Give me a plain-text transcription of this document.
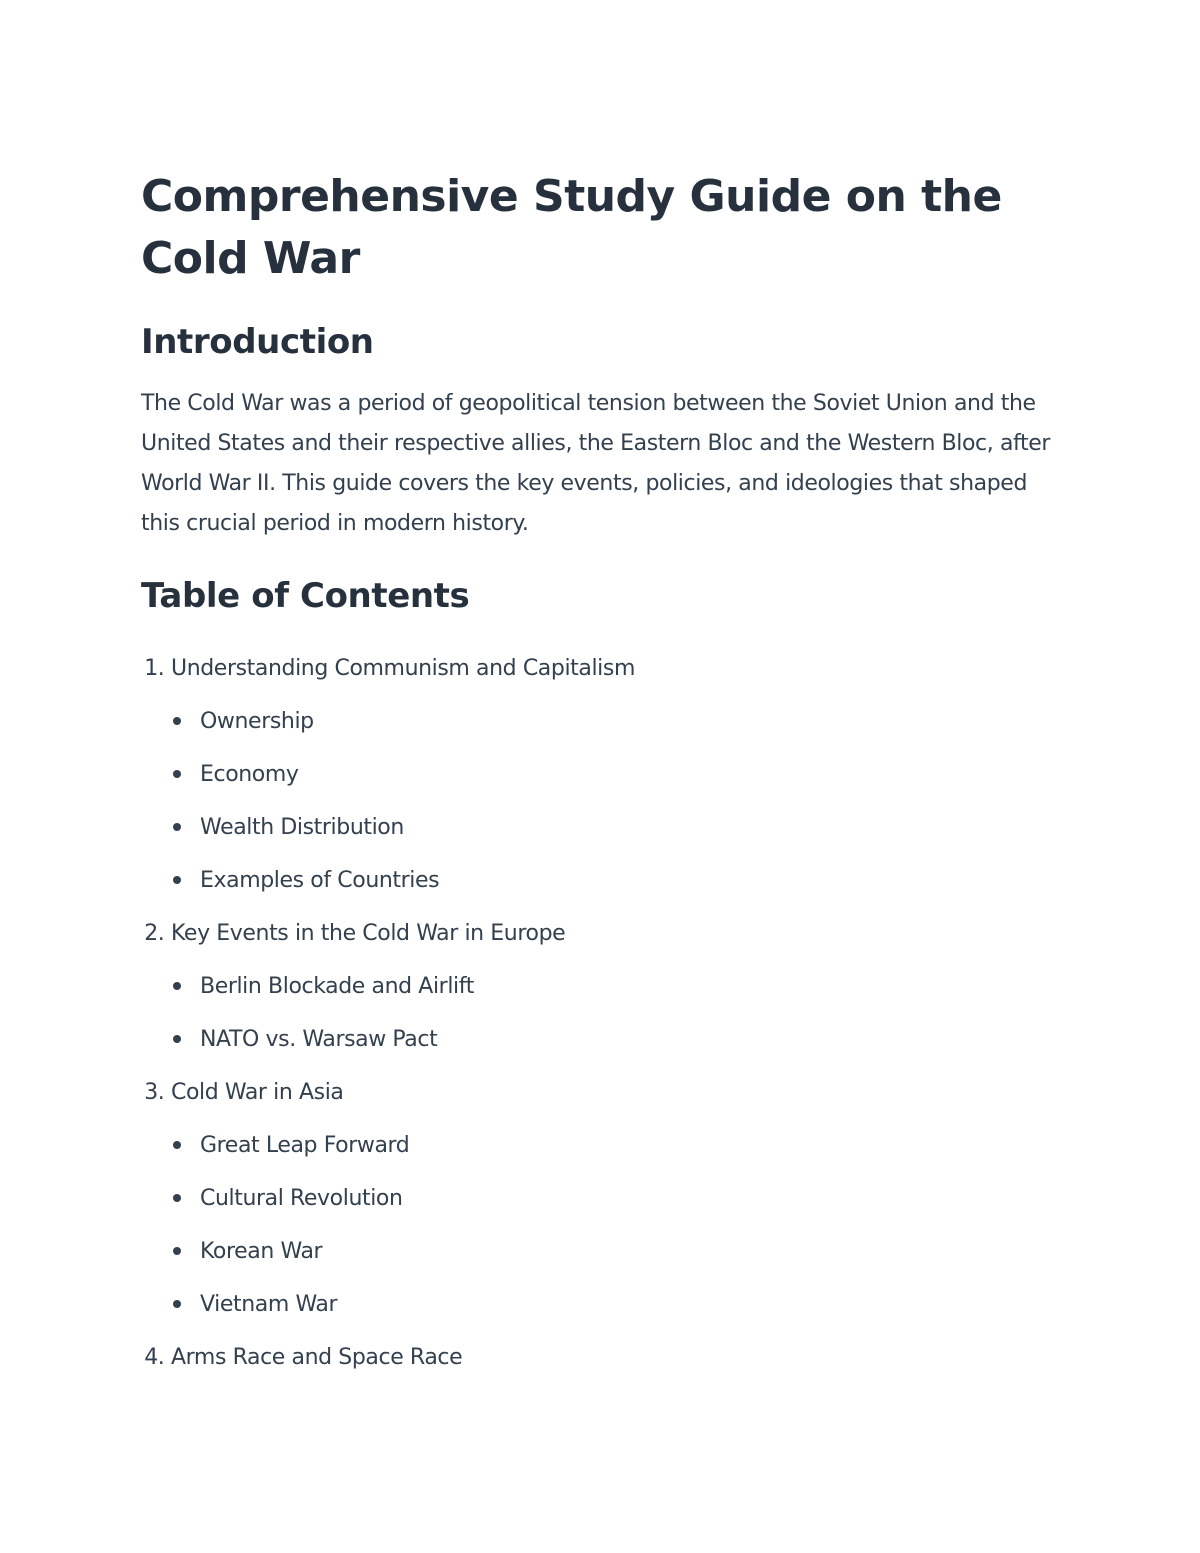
Comprehensive Study Guide on the Cold War
Introduction

The Cold War was a period of geopolitical tension between the Soviet Union and the United States and their respective allies, the Eastern Bloc and the Western Bloc, after World War II. This guide covers the key events, policies, and ideologies that shaped this crucial period in modern history.

Table of Contents
1. Understanding Communism and Capitalism
Ownership
Economy
Wealth Distribution
Examples of Countries
2. Key Events in the Cold War in Europe
Berlin Blockade and Airlift
NATO vs. Warsaw Pact
3. Cold War in Asia
Great Leap Forward
Cultural Revolution
Korean War
Vietnam War
4. Arms Race and Space Race
